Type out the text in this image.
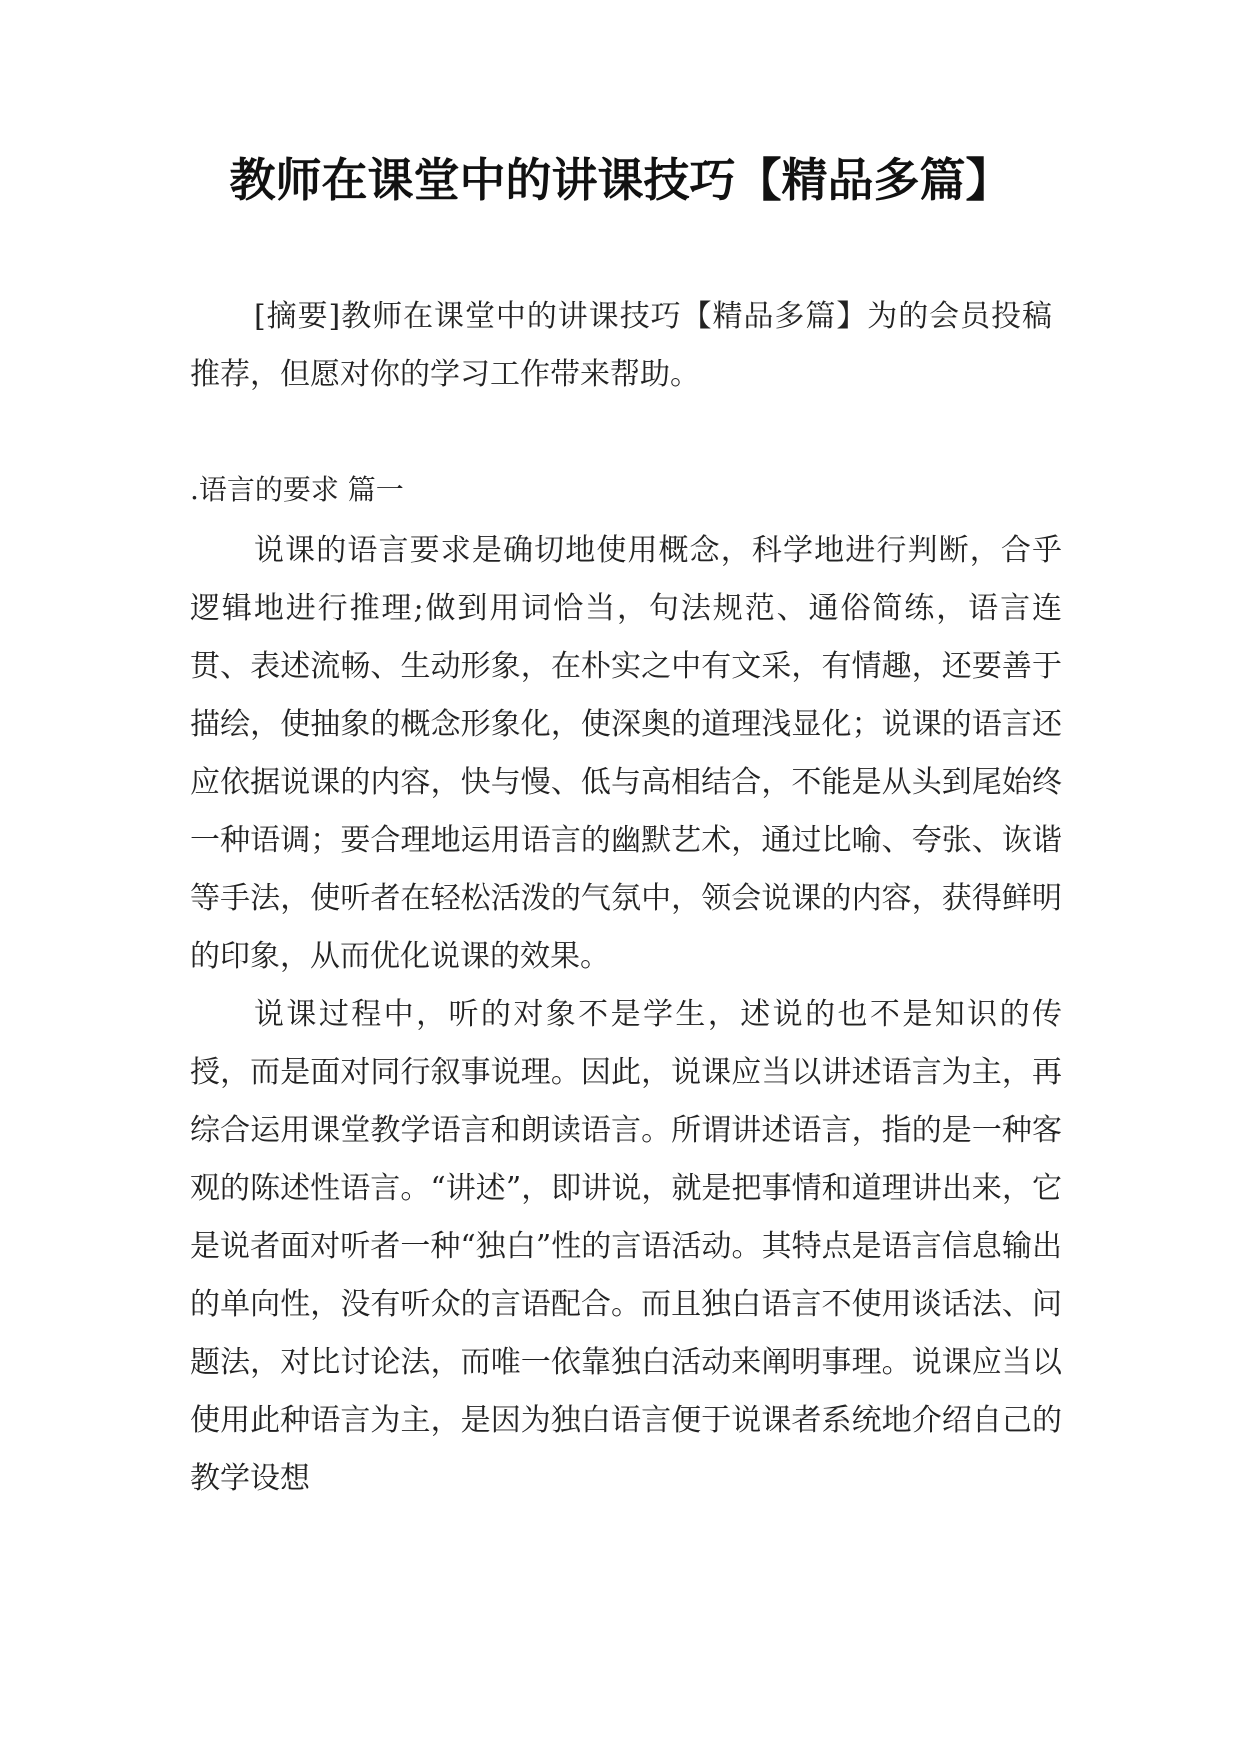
教师在课堂中的讲课技巧【精品多篇】

[摘要]教师在课堂中的讲课技巧【精品多篇】为的会员投稿推荐，但愿对你的学习工作带来帮助。

.语言的要求 篇一

说课的语言要求是确切地使用概念，科学地进行判断，合乎逻辑地进行推理;做到用词恰当，句法规范、通俗简练，语言连贯、表述流畅、生动形象，在朴实之中有文采，有情趣，还要善于描绘，使抽象的概念形象化，使深奥的道理浅显化；说课的语言还应依据说课的内容，快与慢、低与高相结合，不能是从头到尾始终一种语调；要合理地运用语言的幽默艺术，通过比喻、夸张、诙谐等手法，使听者在轻松活泼的气氛中，领会说课的内容，获得鲜明的印象，从而优化说课的效果。

说课过程中，听的对象不是学生，述说的也不是知识的传授，而是面对同行叙事说理。因此，说课应当以讲述语言为主，再综合运用课堂教学语言和朗读语言。所谓讲述语言，指的是一种客观的陈述性语言。“讲述”，即讲说，就是把事情和道理讲出来，它是说者面对听者一种“独白”性的言语活动。其特点是语言信息输出的单向性，没有听众的言语配合。而且独白语言不使用谈话法、问题法，对比讨论法，而唯一依靠独白活动来阐明事理。说课应当以使用此种语言为主，是因为独白语言便于说课者系统地介绍自己的教学设想
